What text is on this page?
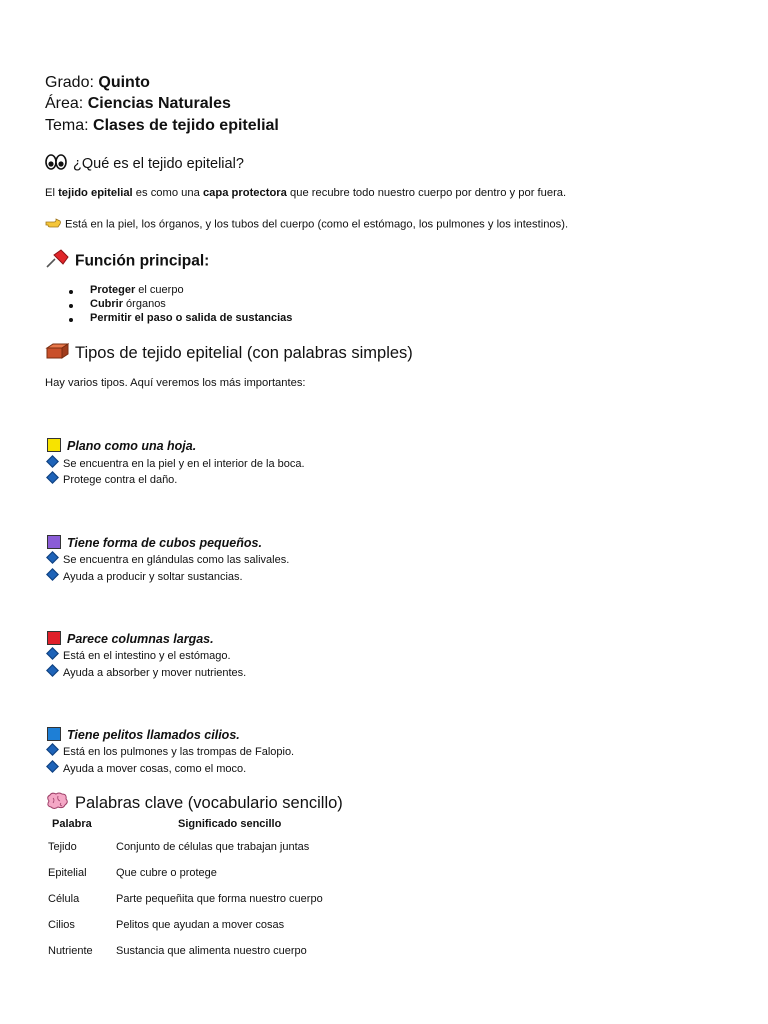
Grado: Quinto
Área: Ciencias Naturales
Tema: Clases de tejido epitelial
¿Qué es el tejido epitelial?
El tejido epitelial es como una capa protectora que recubre todo nuestro cuerpo por dentro y por fuera.
Está en la piel, los órganos, y los tubos del cuerpo (como el estómago, los pulmones y los intestinos).
Función principal:
Proteger el cuerpo
Cubrir órganos
Permitir el paso o salida de sustancias
Tipos de tejido epitelial (con palabras simples)
Hay varios tipos. Aquí veremos los más importantes:
Plano como una hoja.
Se encuentra en la piel y en el interior de la boca.
Protege contra el daño.
Tiene forma de cubos pequeños.
Se encuentra en glándulas como las salivales.
Ayuda a producir y soltar sustancias.
Parece columnas largas.
Está en el intestino y el estómago.
Ayuda a absorber y mover nutrientes.
Tiene pelitos llamados cilios.
Está en los pulmones y las trompas de Falopio.
Ayuda a mover cosas, como el moco.
Palabras clave (vocabulario sencillo)
Palabra	Significado sencillo
Tejido	Conjunto de células que trabajan juntas
Epitelial	Que cubre o protege
Célula	Parte pequeñita que forma nuestro cuerpo
Cilios	Pelitos que ayudan a mover cosas
Nutriente	Sustancia que alimenta nuestro cuerpo
